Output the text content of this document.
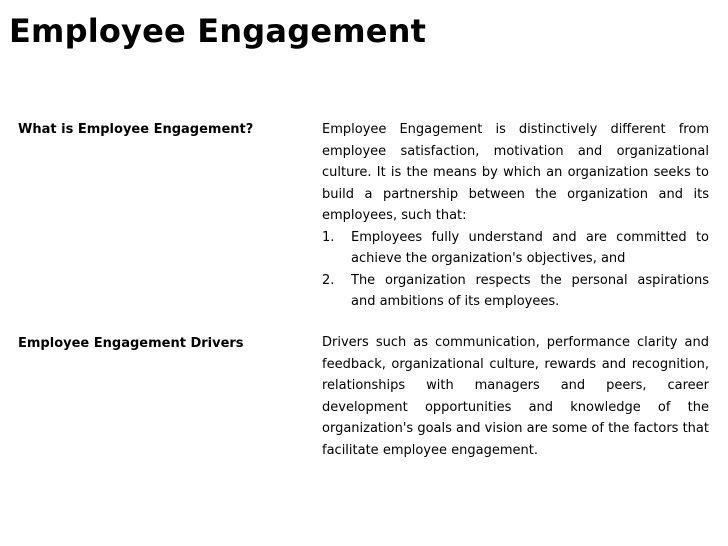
Employee Engagement
What is Employee Engagement?	Employee Engagement is distinctively different from employee satisfaction, motivation and organizational culture. It is the means by which an organization seeks to build a partnership between the organization and its employees, such that:

1. Employees fully understand and are committed to achieve the organization's objectives, and
2. The organization respects the personal aspirations and ambitions of its employees.
Employee Engagement Drivers	Drivers such as communication, performance clarity and feedback, organizational culture, rewards and recognition, relationships with managers and peers, career development opportunities and knowledge of the organization's goals and vision are some of the factors that facilitate employee engagement.
